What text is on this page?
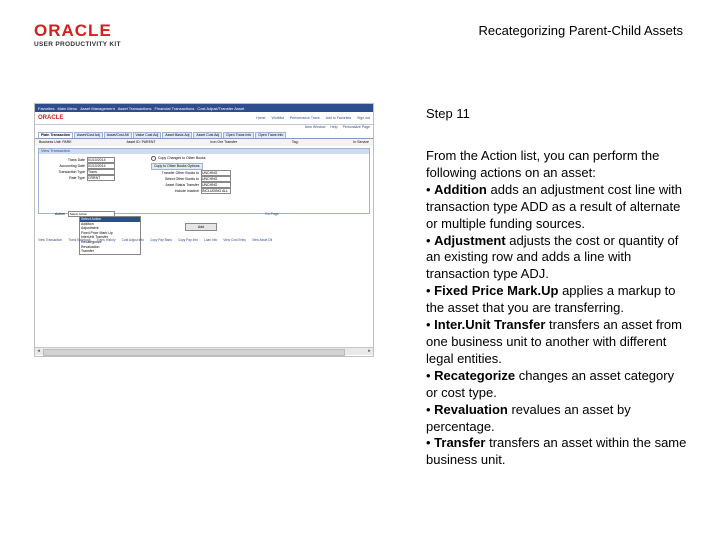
ORACLE
USER PRODUCTIVITY KIT
Recategorizing Parent-Child Assets
Favorites Main Menu Asset Management Asset Transactions Financial Transactions Cost Adjust/Transfer Asset
ORACLE	Home Worklist Performance Trace Add to Favorites Sign out
New Window Help Personalize Page
Plain Transaction	Asset/Cost Adj	Asset/Cost Alt	Value Cost Adj	Asset Basis Adj	Asset Cost Adj	Open Trans Info	Open Trans Info
Business Unit: PARK	Asset ID: PARENT	Iron Ore Transfer	Tag:	In Service
View Transaction
Trans Date 01/10/2014
Accounting Date 01/10/2014
Transaction Type Trans
Rate Type CRRNT
Copy Changes to Other Books
Copy to Other Books Options
Transfer Other Books to UNCHNG
Select Other Books to UNCHNG
Asset Status Transfer UNCHNG
Include Inactive INCLUDING ALL
Action	Select Action	Go Page
Add
Select Action
Addition
Adjustment
Fixed Price Mark Up
InterUnit Transfer
Recategorize
Revaluation
Transfer
View Transaction Trans Notebook Trans History Cost Adjust Info Copy Pay Bank Copy Pay Info Loan Info View Cost Entry View Asset Dtl
◂	▸
Step 11

From the Action list, you can perform the following actions on an asset:

• Addition adds an adjustment cost line with transaction type ADD as a result of alternate or multiple funding sources.

• Adjustment adjusts the cost or quantity of an existing row and adds a line with transaction type ADJ.

• Fixed Price Mark.Up applies a markup to the asset that you are transferring.

• Inter.Unit Transfer transfers an asset from one business unit to another with different legal entities.

• Recategorize changes an asset category or cost type.

• Revaluation revalues an asset by percentage.

• Transfer transfers an asset within the same business unit.
